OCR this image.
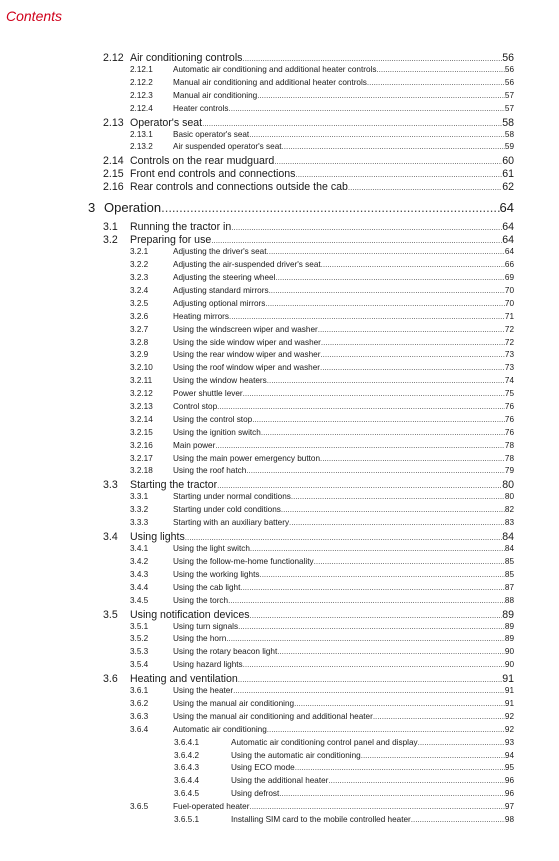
Contents
2.12 Air conditioning controls .....	56
2.12.1 Automatic air conditioning and additional heater controls .....	56
2.12.2 Manual air conditioning and additional heater controls .....	56
2.12.3 Manual air conditioning .....	57
2.12.4 Heater controls .....	57
2.13 Operator's seat .....	58
2.13.1 Basic operator's seat .....	58
2.13.2 Air suspended operator's seat .....	59
2.14 Controls on the rear mudguard .....	60
2.15 Front end controls and connections .....	61
2.16 Rear controls and connections outside the cab .....	62
3 Operation .....	64
3.1 Running the tractor in .....	64
3.2 Preparing for use .....	64
3.2.1	Adjusting the driver's seat .....	64
3.2.2	Adjusting the air-suspended driver's seat .....	66
3.2.3	Adjusting the steering wheel .....	69
3.2.4	Adjusting standard mirrors .....	70
3.2.5	Adjusting optional mirrors .....	70
3.2.6	Heating mirrors .....	71
3.2.7	Using the windscreen wiper and washer .....	72
3.2.8	Using the side window wiper and washer .....	72
3.2.9	Using the rear window wiper and washer .....	73
3.2.10 Using the roof window wiper and washer .....	73
3.2.11	Using the window heaters .....	74
3.2.12 Power shuttle lever .....	75
3.2.13 Control stop .....	76
3.2.14 Using the control stop .....	76
3.2.15 Using the ignition switch .....	76
3.2.16 Main power .....	78
3.2.17 Using the main power emergency button .....	78
3.2.18 Using the roof hatch .....	79
3.3 Starting the tractor .....	80
3.3.1	Starting under normal conditions .....	80
3.3.2	Starting under cold conditions .....	82
3.3.3	Starting with an auxiliary battery .....	83
3.4 Using lights .....	84
3.4.1	Using the light switch .....	84
3.4.2	Using the follow-me-home functionality .....	85
3.4.3	Using the working lights .....	85
3.4.4	Using the cab light .....	87
3.4.5	Using the torch .....	88
3.5 Using notification devices .....	89
3.5.1	Using turn signals .....	89
3.5.2	Using the horn .....	89
3.5.3	Using the rotary beacon light .....	90
3.5.4	Using hazard lights .....	90
3.6 Heating and ventilation .....	91
3.6.1	Using the heater .....	91
3.6.2	Using the manual air conditioning .....	91
3.6.3	Using the manual air conditioning and additional heater .....	92
3.6.4	Automatic air conditioning .....	92
3.6.4.1	Automatic air conditioning control panel and display .....	93
3.6.4.2	Using the automatic air conditioning .....	94
3.6.4.3	Using ECO mode .....	95
3.6.4.4	Using the additional heater .....	96
3.6.4.5	Using defrost .....	96
3.6.5	Fuel-operated heater .....	97
3.6.5.1	Installing SIM card to the mobile controlled heater .....	98
